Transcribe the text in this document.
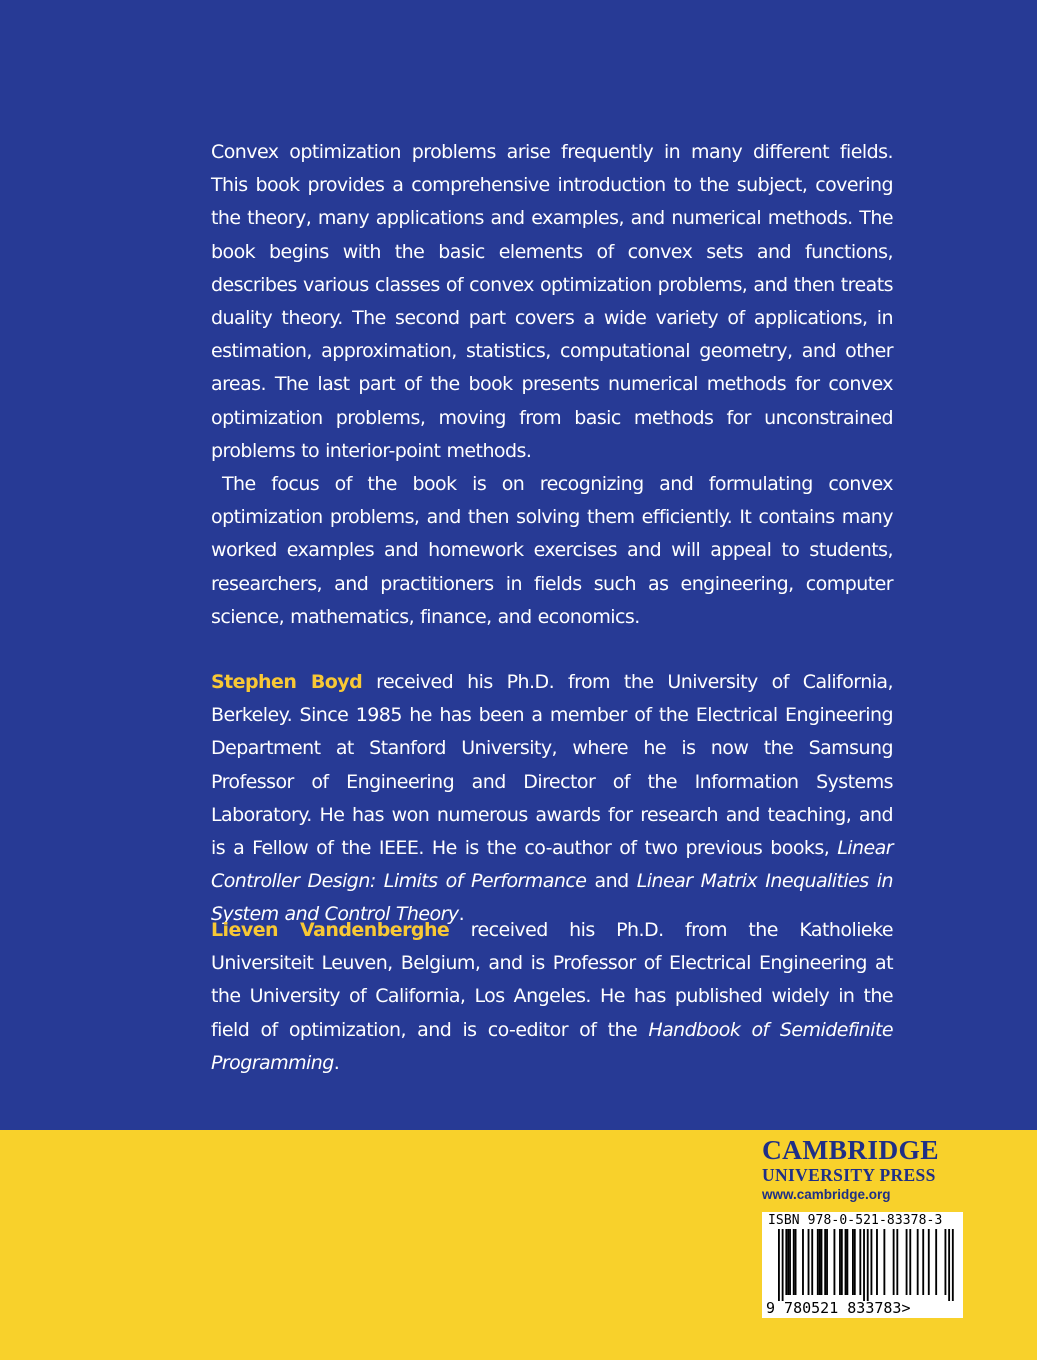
Convex optimization problems arise frequently in many different fields. This book provides a comprehensive introduction to the subject, covering the theory, many applications and examples, and numerical methods. The book begins with the basic elements of convex sets and functions, describes various classes of convex optimization problems, and then treats duality theory. The second part covers a wide variety of applications, in estimation, approximation, statistics, computational geometry, and other areas. The last part of the book presents numerical methods for convex optimization problems, moving from basic methods for unconstrained problems to interior-point methods.

The focus of the book is on recognizing and formulating convex optimization problems, and then solving them efficiently. It contains many worked examples and homework exercises and will appeal to students, researchers, and practitioners in fields such as engineering, computer science, mathematics, finance, and economics.

Stephen Boyd received his Ph.D. from the University of California, Berkeley. Since 1985 he has been a member of the Electrical Engineering Department at Stanford University, where he is now the Samsung Professor of Engineering and Director of the Information Systems Laboratory. He has won numerous awards for research and teaching, and is a Fellow of the IEEE. He is the co-author of two previous books, Linear Controller Design: Limits of Performance and Linear Matrix Inequalities in System and Control Theory.

Lieven Vandenberghe received his Ph.D. from the Katholieke Universiteit Leuven, Belgium, and is Professor of Electrical Engineering at the University of California, Los Angeles. He has published widely in the field of optimization, and is co-editor of the Handbook of Semidefinite Programming.

CAMBRIDGE
UNIVERSITY PRESS
www.cambridge.org
ISBN 978-0-521-83378-3
9 780521 833783>
